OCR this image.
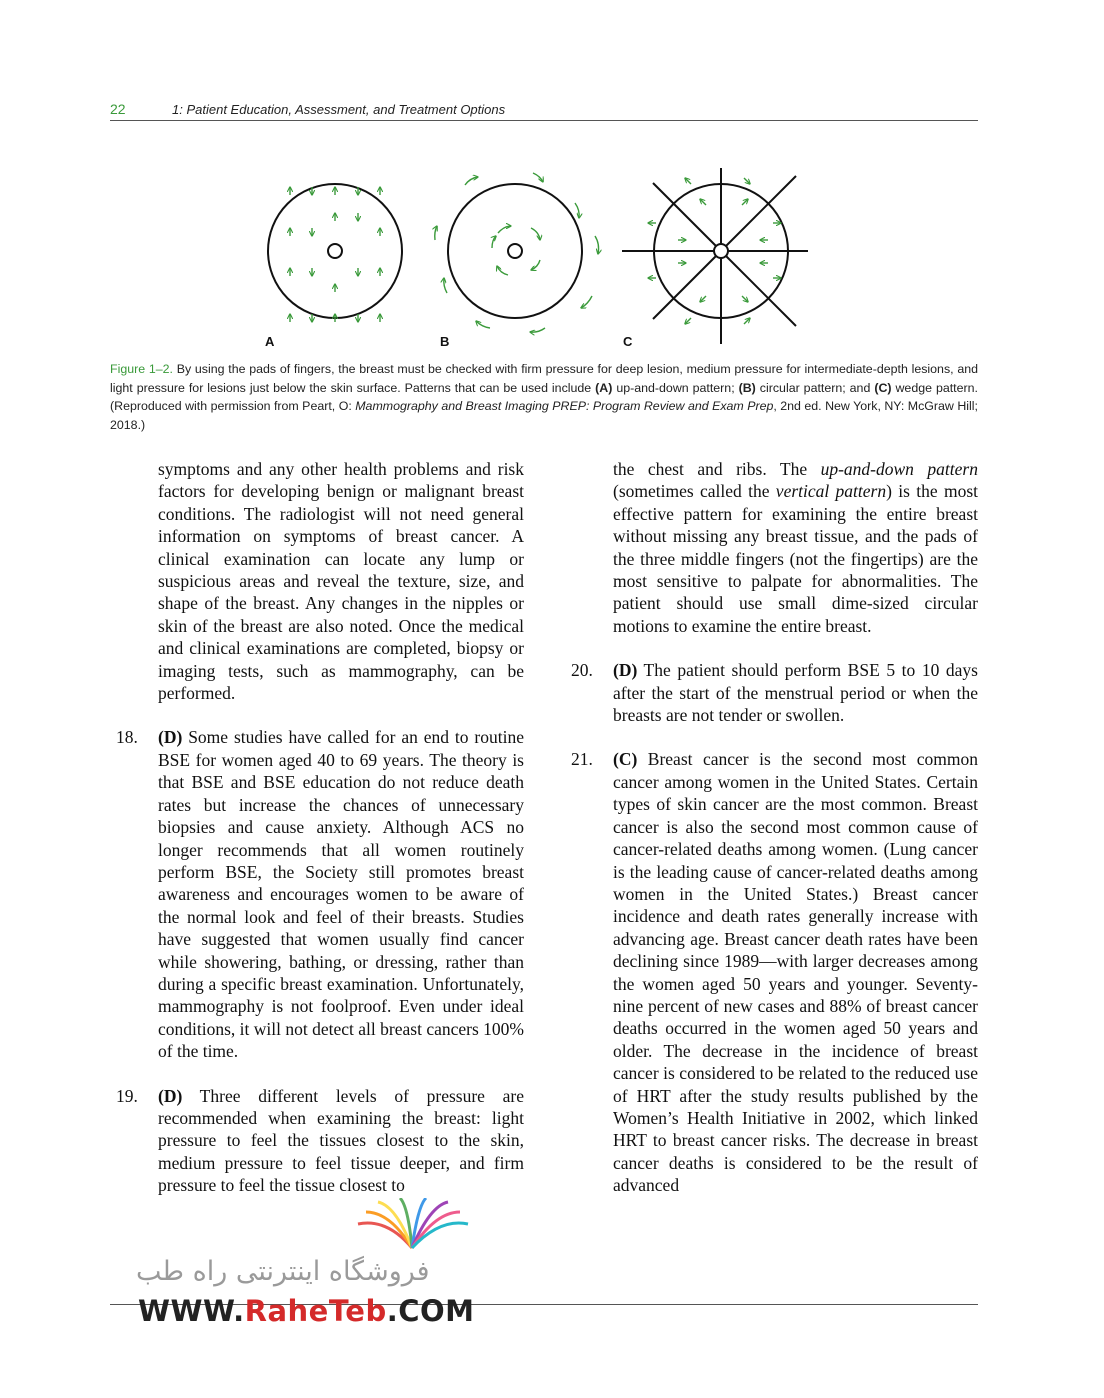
22	1: Patient Education, Assessment, and Treatment Options
A	B	C
Figure 1–2. By using the pads of fingers, the breast must be checked with firm pressure for deep lesion, medium pressure for intermediate-depth lesions, and light pressure for lesions just below the skin surface. Patterns that can be used include (A) up-and-down pattern; (B) circular pattern; and (C) wedge pattern. (Reproduced with permission from Peart, O: Mammography and Breast Imaging PREP: Program Review and Exam Prep, 2nd ed. New York, NY: McGraw Hill; 2018.)

symptoms and any other health problems and risk factors for developing benign or malignant breast conditions. The radiologist will not need general information on symptoms of breast cancer. A clinical examination can locate any lump or suspicious areas and reveal the texture, size, and shape of the breast. Any changes in the nipples or skin of the breast are also noted. Once the medical and clinical examinations are completed, biopsy or imaging tests, such as mammography, can be performed.

18. (D) Some studies have called for an end to routine BSE for women aged 40 to 69 years. The theory is that BSE and BSE education do not reduce death rates but increase the chances of unnecessary biopsies and cause anxiety. Although ACS no longer recommends that all women routinely perform BSE, the Society still promotes breast awareness and encourages women to be aware of the normal look and feel of their breasts. Studies have suggested that women usually find cancer while showering, bathing, or dressing, rather than during a specific breast examination. Unfortunately, mammography is not foolproof. Even under ideal conditions, it will not detect all breast cancers 100% of the time.

19. (D) Three different levels of pressure are recommended when examining the breast: light pressure to feel the tissues closest to the skin, medium pressure to feel tissue deeper, and firm pressure to feel the tissue closest to

the chest and ribs. The up-and-down pattern (sometimes called the vertical pattern) is the most effective pattern for examining the entire breast without missing any breast tissue, and the pads of the three middle fingers (not the fingertips) are the most sensitive to palpate for abnormalities. The patient should use small dime-sized circular motions to examine the entire breast.

20. (D) The patient should perform BSE 5 to 10 days after the start of the menstrual period or when the breasts are not tender or swollen.

21. (C) Breast cancer is the second most common cancer among women in the United States. Certain types of skin cancer are the most common. Breast cancer is also the second most common cause of cancer-related deaths among women. (Lung cancer is the leading cause of cancer-related deaths among women in the United States.) Breast cancer incidence and death rates generally increase with advancing age. Breast cancer death rates have been declining since 1989—with larger decreases among the women aged 50 years and younger. Seventy-nine percent of new cases and 88% of breast cancer deaths occurred in the women aged 50 years and older. The decrease in the incidence of breast cancer is considered to be related to the reduced use of HRT after the study results published by the Women’s Health Initiative in 2002, which linked HRT to breast cancer risks. The decrease in breast cancer deaths is considered to be the result of advanced

فروشگاه اینترنتی راه طب
WWW.RaheTeb.COM
